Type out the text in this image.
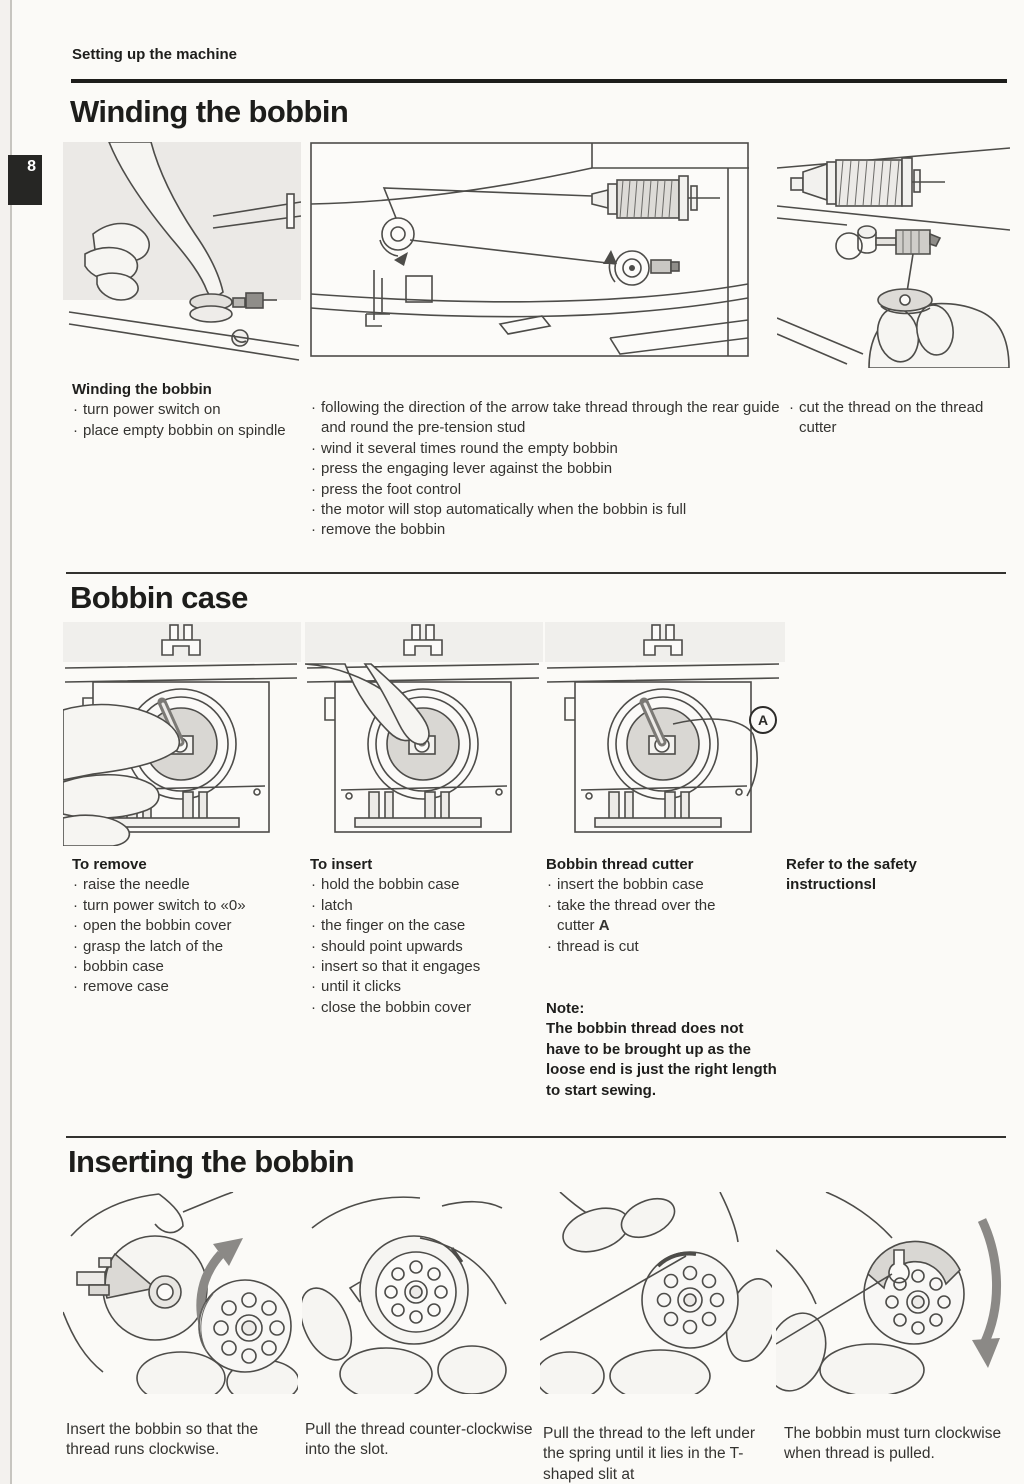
8
Setting up the machine
Winding the bobbin
Winding the bobbin
· turn power switch on
· place empty bobbin on spindle
· following the direction of the arrow take thread through the rear guide and round the pre-tension stud
· wind it several times round the empty bobbin
· press the engaging lever against the bobbin
· press the foot control
· the motor will stop automatically when the bobbin is full
· remove the bobbin
· cut the thread on the thread cutter
Bobbin case
A
To remove
· raise the needle
· turn power switch to «0»
· open the bobbin cover
· grasp the latch of the
· bobbin case
· remove case
To insert
· hold the bobbin case
· latch
· the finger on the case
· should point upwards
· insert so that it engages
· until it clicks
· close the bobbin cover
Bobbin thread cutter
· insert the bobbin case
· take the thread over the
cutter A
· thread is cut
Note:
The bobbin thread does not have to be brought up as the loose end is just the right length to start sewing.
Refer to the safety instructionsl
Inserting the bobbin
Insert the bobbin so that the thread runs clockwise.
Pull the thread counter-clockwise into the slot.
Pull the thread to the left under the spring until it lies in the T-shaped slit at
The bobbin must turn clockwise when thread is pulled.
